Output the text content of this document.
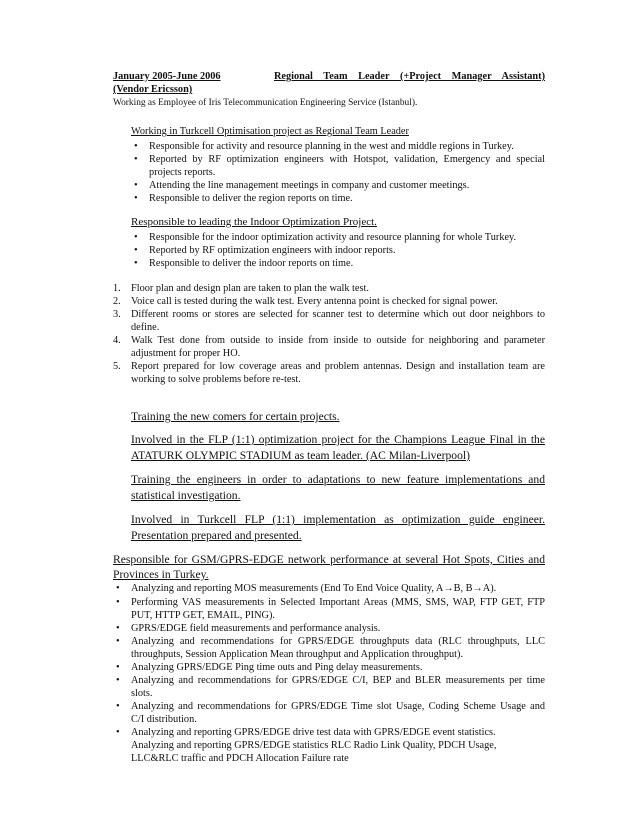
January 2005-June 2006	Regional Team Leader (+Project Manager Assistant)
(Vendor Ericsson)
Working as Employee of Iris Telecommunication Engineering Service (Istanbul).
Working in Turkcell Optimisation project as Regional Team Leader
• Responsible for activity and resource planning in the west and middle regions in Turkey.
• Reported by RF optimization engineers with Hotspot, validation, Emergency and special
projects reports.
• Attending the line management meetings in company and customer meetings.
• Responsible to deliver the region reports on time.
Responsible to leading the Indoor Optimization Project.
• Responsible for the indoor optimization activity and resource planning for whole Turkey.
• Reported by RF optimization engineers with indoor reports.
• Responsible to deliver the indoor reports on time.
1. Floor plan and design plan are taken to plan the walk test.
2. Voice call is tested during the walk test. Every antenna point is checked for signal power.
3. Different rooms or stores are selected for scanner test to determine which out door neighbors to
define.
4. Walk Test done from outside to inside from inside to outside for neighboring and parameter
adjustment for proper HO.
5. Report prepared for low coverage areas and problem antennas. Design and installation team are
working to solve problems before re-test.
Training the new comers for certain projects.
Involved in the FLP (1:1) optimization project for the Champions League Final in the
ATATURK OLYMPIC STADIUM as team leader. (AC Milan-Liverpool)
Training the engineers in order to adaptations to new feature implementations and
statistical investigation.
Involved in Turkcell FLP (1:1) implementation as optimization guide engineer.
Presentation prepared and presented.
Responsible for GSM/GPRS-EDGE network performance at several Hot Spots, Cities and
Provinces in Turkey.
• Analyzing and reporting MOS measurements (End To End Voice Quality, A→B, B→A).
• Performing VAS measurements in Selected Important Areas (MMS, SMS, WAP, FTP GET, FTP
PUT, HTTP GET, EMAIL, PING).
• GPRS/EDGE field measurements and performance analysis.
• Analyzing and recommendations for GPRS/EDGE throughputs data (RLC throughputs, LLC
throughputs, Session Application Mean throughput and Application throughput).
• Analyzing GPRS/EDGE Ping time outs and Ping delay measurements.
• Analyzing and recommendations for GPRS/EDGE C/I, BEP and BLER measurements per time
slots.
• Analyzing and recommendations for GPRS/EDGE Time slot Usage, Coding Scheme Usage and
C/I distribution.
• Analyzing and reporting GPRS/EDGE drive test data with GPRS/EDGE event statistics.
Analyzing and reporting GPRS/EDGE statistics RLC Radio Link Quality, PDCH Usage,
LLC&RLC traffic and PDCH Allocation Failure rate
